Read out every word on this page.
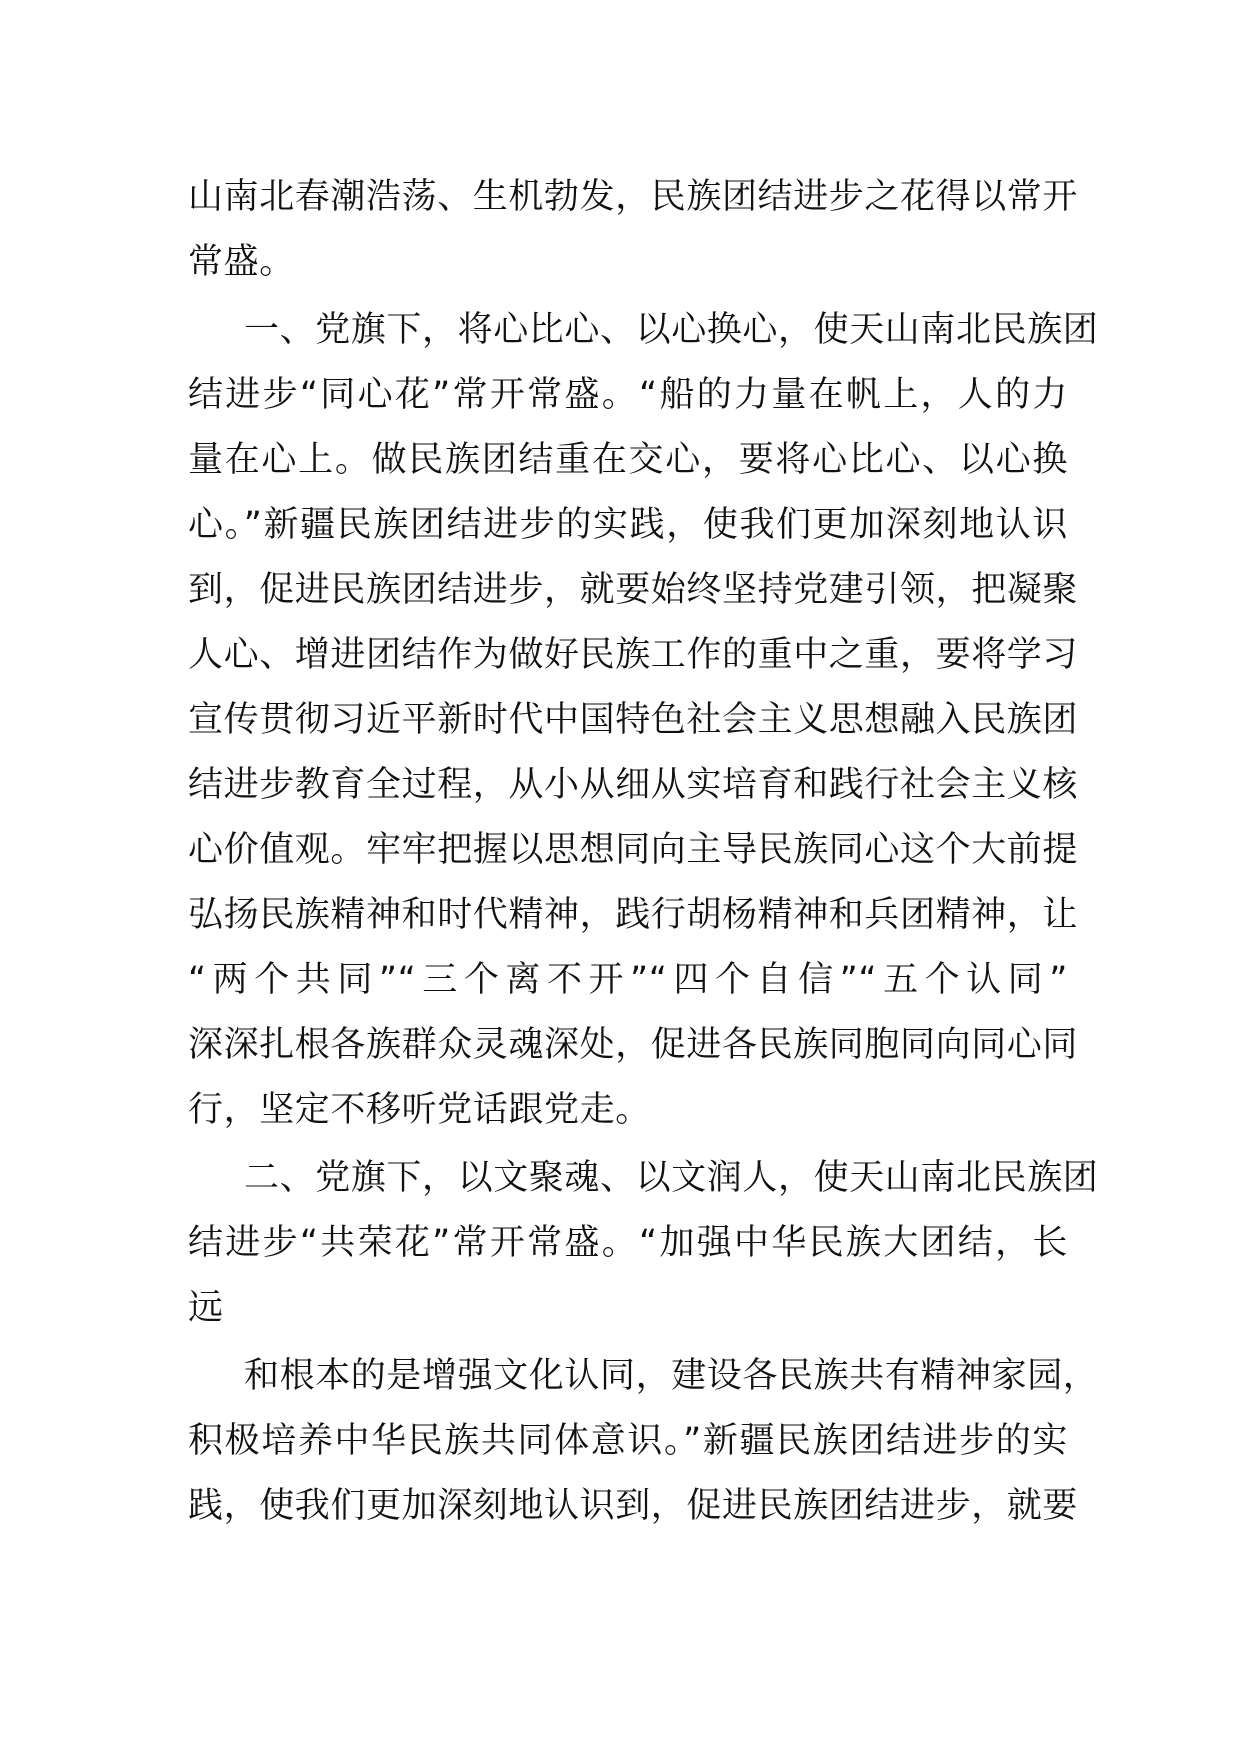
山南北春潮浩荡、生机勃发，民族团结进步之花得以常开
常盛。
一、党旗下，将心比心、以心换心，使天山南北民族团
结进步“同心花”常开常盛。“船的力量在帆上，人的力
量在心上。做民族团结重在交心，要将心比心、以心换
心。”新疆民族团结进步的实践，使我们更加深刻地认识
到，促进民族团结进步，就要始终坚持党建引领，把凝聚
人心、增进团结作为做好民族工作的重中之重，要将学习
宣传贯彻习近平新时代中国特色社会主义思想融入民族团
结进步教育全过程，从小从细从实培育和践行社会主义核
心价值观。牢牢把握以思想同向主导民族同心这个大前提
弘扬民族精神和时代精神，践行胡杨精神和兵团精神，让
“两个共同”“三个离不开”“四个自信”“五个认同”
深深扎根各族群众灵魂深处，促进各民族同胞同向同心同
行，坚定不移听党话跟党走。
二、党旗下，以文聚魂、以文润人，使天山南北民族团
结进步“共荣花”常开常盛。“加强中华民族大团结，长
远
和根本的是增强文化认同，建设各民族共有精神家园，
积极培养中华民族共同体意识。”新疆民族团结进步的实
践，使我们更加深刻地认识到，促进民族团结进步，就要
